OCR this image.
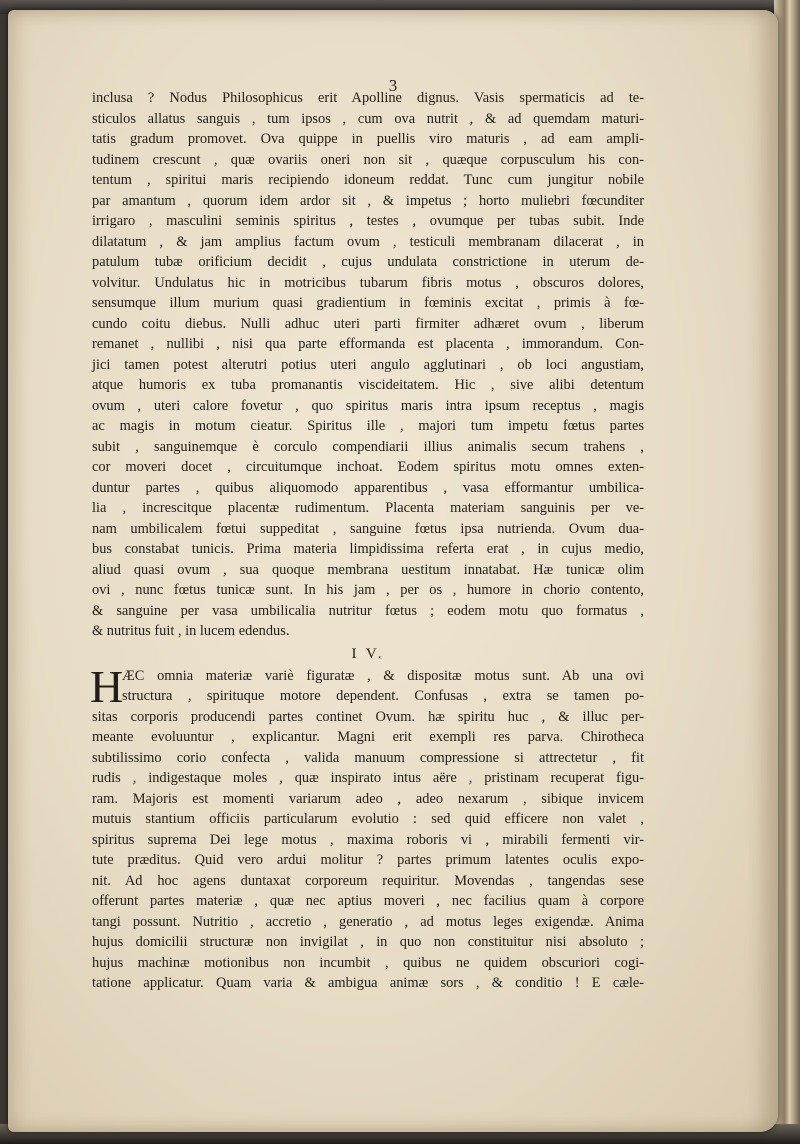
3
inclusa ? Nodus Philosophicus erit Apolline dignus. Vasis spermaticis ad te-
sticulos allatus sanguis , tum ipsos , cum ova nutrit , & ad quemdam maturi-
tatis gradum promovet. Ova quippe in puellis viro maturis , ad eam ampli-
tudinem crescunt , quæ ovariis oneri non sit , quæque corpusculum his con-
tentum , spiritui maris recipiendo idoneum reddat. Tunc cum jungitur nobile
par amantum , quorum idem ardor sit , & impetus ; horto muliebri fœcunditer
irrigaro , masculini seminis spiritus , testes , ovumque per tubas subit. Inde
dilatatum , & jam amplius factum ovum , testiculi membranam dilacerat , in
patulum tubæ orificium decidit , cujus undulata constrictione in uterum de-
volvitur. Undulatus hic in motricibus tubarum fibris motus , obscuros dolores,
sensumque illum murium quasi gradientium in fœminis excitat , primis à fœ-
cundo coitu diebus. Nulli adhuc uteri parti firmiter adhæret ovum , liberum
remanet , nullibi , nisi qua parte efformanda est placenta , immorandum. Con-
jici tamen potest alterutri potius uteri angulo agglutinari , ob loci angustiam,
atque humoris ex tuba promanantis viscideitatem. Hic , sive alibi detentum
ovum , uteri calore fovetur , quo spiritus maris intra ipsum receptus , magis
ac magis in motum cieatur. Spiritus ille , majori tum impetu fœtus partes
subit , sanguinemque è corculo compendiarii illius animalis secum trahens ,
cor moveri docet , circuitumque inchoat. Eodem spiritus motu omnes exten-
duntur partes , quibus aliquomodo apparentibus , vasa efformantur umbilica-
lia , increscitque placentæ rudimentum. Placenta materiam sanguinis per ve-
nam umbilicalem fœtui suppeditat , sanguine fœtus ipsa nutrienda. Ovum dua-
bus constabat tunicis. Prima materia limpidissima referta erat , in cujus medio,
aliud quasi ovum , sua quoque membrana uestitum innatabat. Hæ tunicæ olim
ovi , nunc fœtus tunicæ sunt. In his jam , per os , humore in chorio contento,
& sanguine per vasa umbilicalia nutritur fœtus ; eodem motu quo formatus ,
& nutritus fuit , in lucem edendus.
I V.
H
ÆC omnia materiæ variè figuratæ , & dispositæ motus sunt. Ab una ovi
structura , spirituque motore dependent. Confusas , extra se tamen po-
sitas corporis producendi partes continet Ovum. hæ spiritu huc , & illuc per-
meante evoluuntur , explicantur. Magni erit exempli res parva. Chirotheca
subtilissimo corio confecta , valida manuum compressione si attrectetur , fit
rudis , indigestaque moles , quæ inspirato intus aëre , pristinam recuperat figu-
ram. Majoris est momenti variarum adeo , adeo nexarum , sibique invicem
mutuis stantium officiis particularum evolutio : sed quid efficere non valet ,
spiritus suprema Dei lege motus , maxima roboris vi , mirabili fermenti vir-
tute præditus. Quid vero ardui molitur ? partes primum latentes oculis expo-
nit. Ad hoc agens duntaxat corporeum requiritur. Movendas , tangendas sese
offerunt partes materiæ , quæ nec aptius moveri , nec facilius quam à corpore
tangi possunt. Nutritio , accretio , generatio , ad motus leges exigendæ. Anima
hujus domicilii structuræ non invigilat , in quo non constituitur nisi absoluto ;
hujus machinæ motionibus non incumbit , quibus ne quidem obscuriori cogi-
tatione applicatur. Quam varia & ambigua animæ sors , & conditio ! E cæle-
